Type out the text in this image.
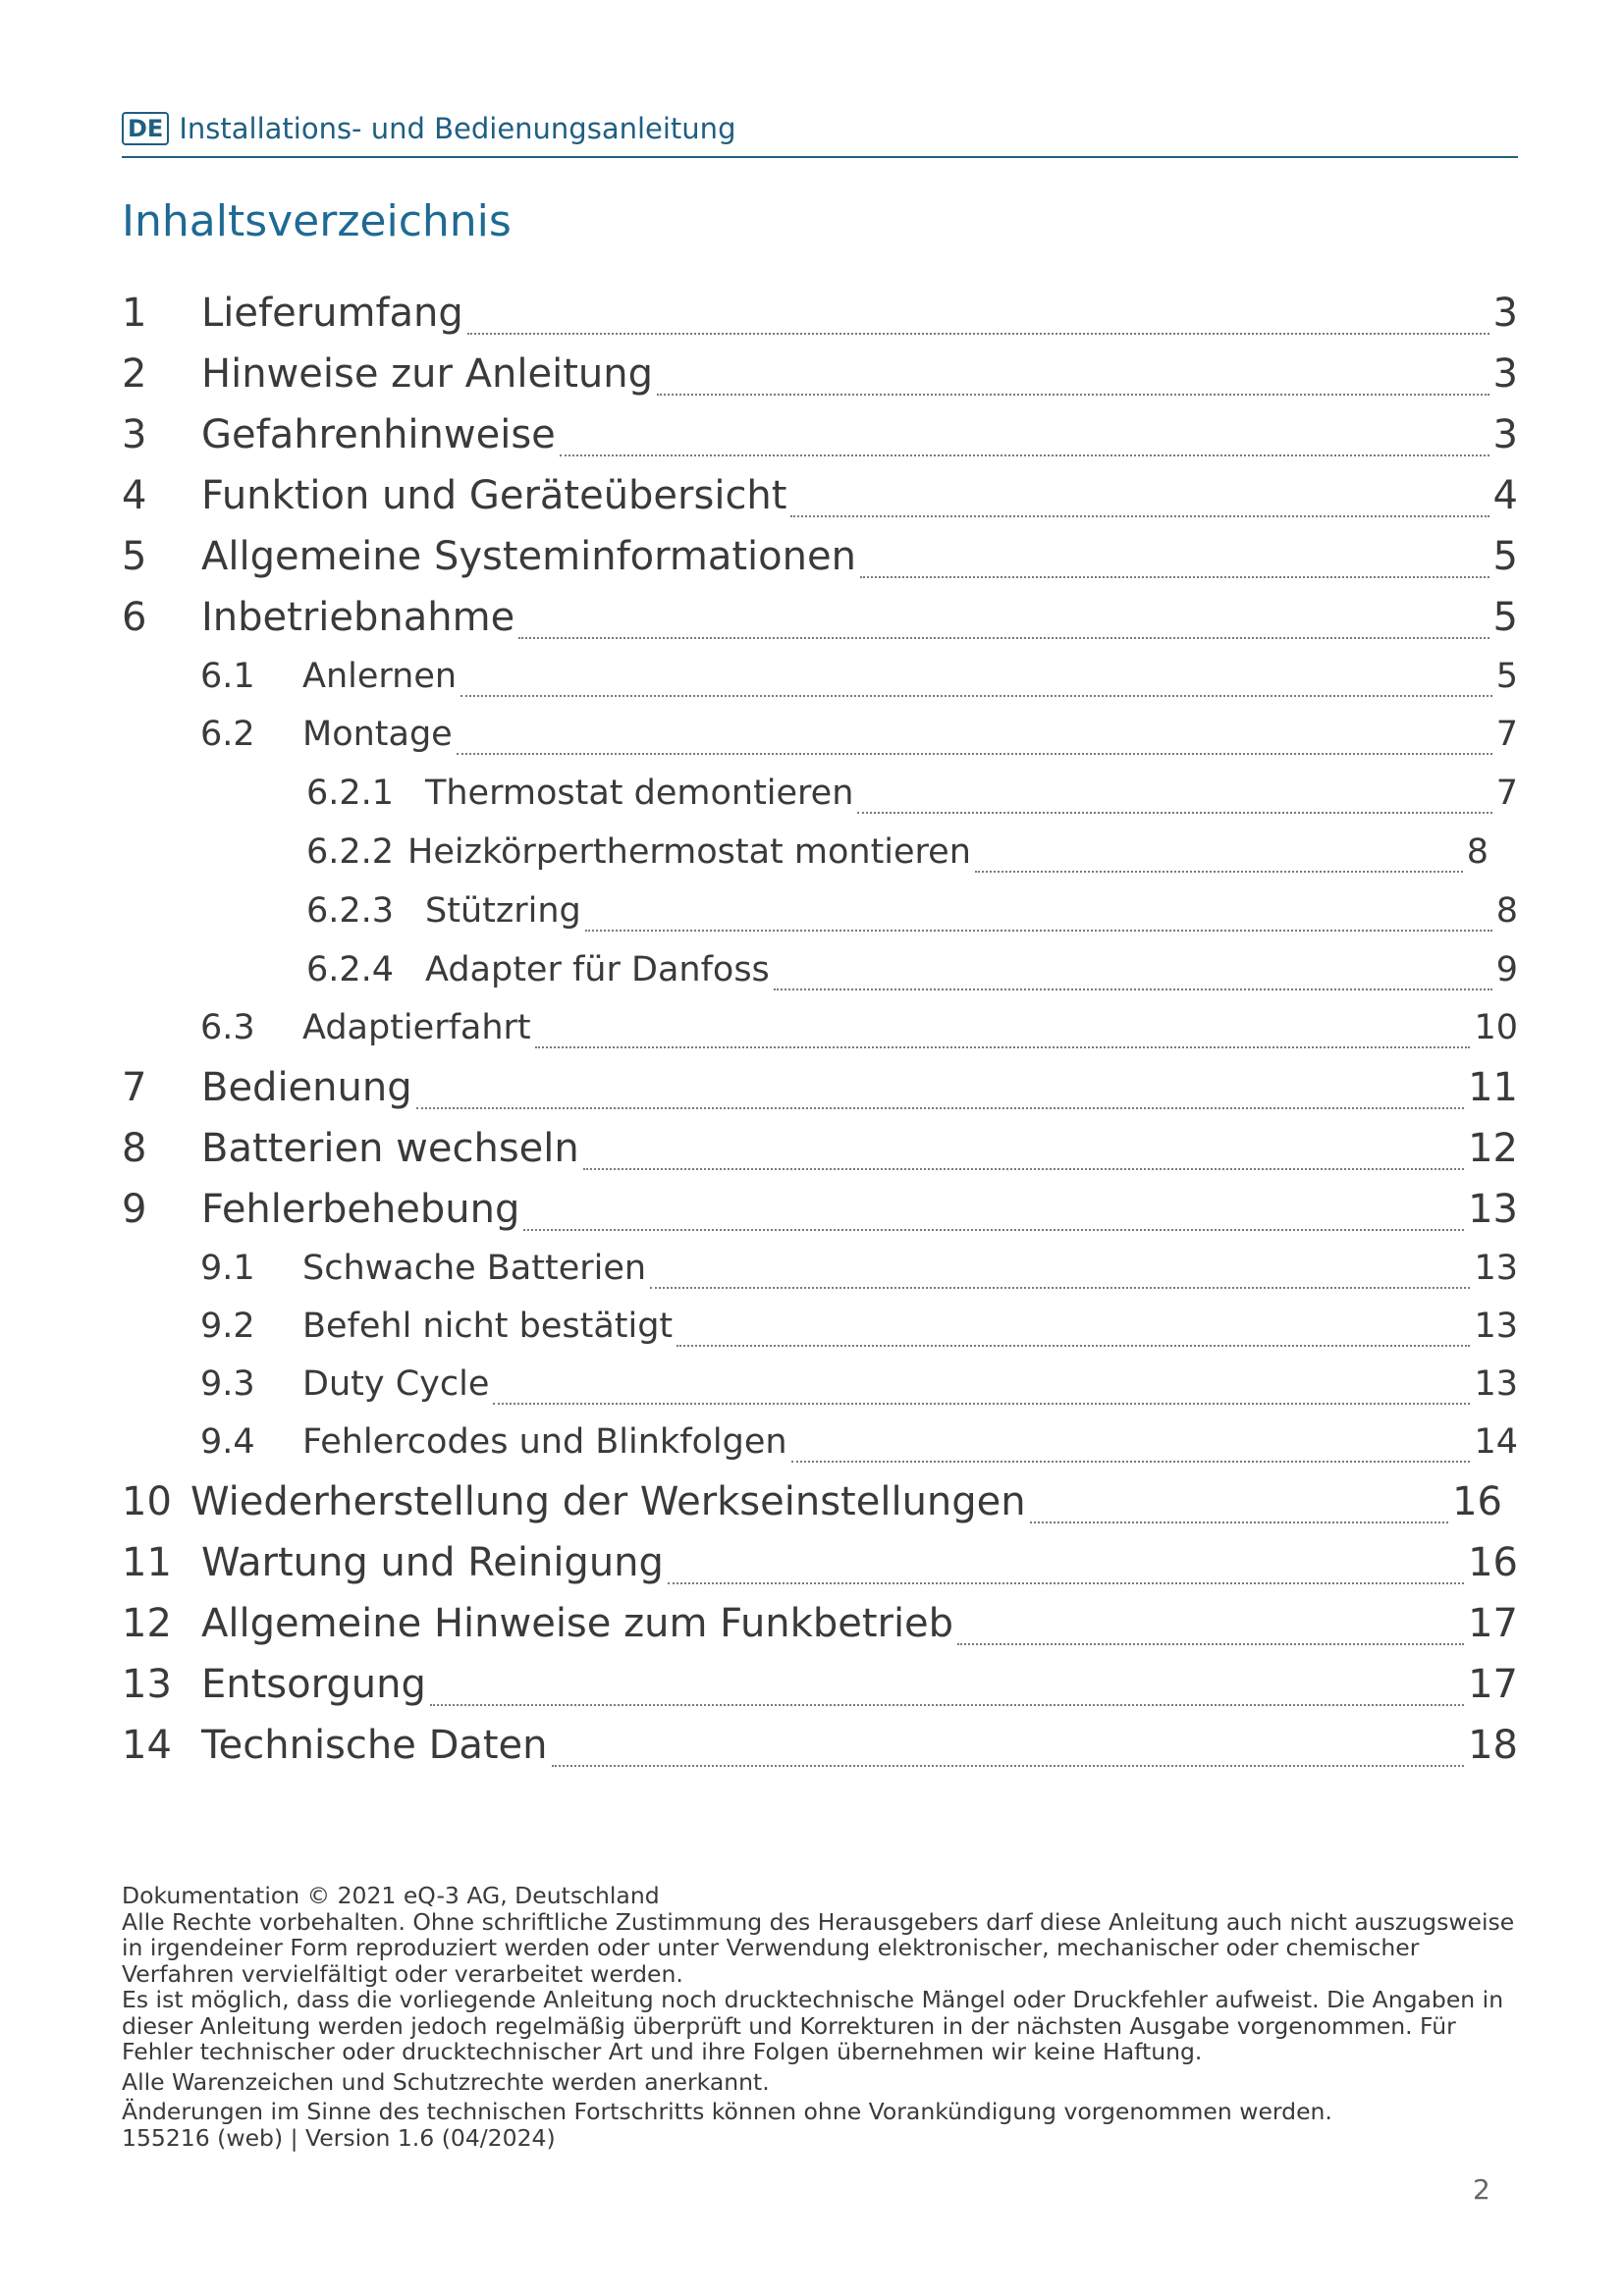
DE Installations- und Bedienungsanleitung
Inhaltsverzeichnis
1	Lieferumfang	3
2	Hinweise zur Anleitung	3
3	Gefahrenhinweise	3
4	Funktion und Geräteübersicht	4
5	Allgemeine Systeminformationen	5
6	Inbetriebnahme	5
6.1	Anlernen	5
6.2	Montage	7
6.2.1 Thermostat demontieren	7
6.2.2 Heizkörperthermostat montieren	8
6.2.3 Stützring	8
6.2.4 Adapter für Danfoss	9
6.3	Adaptierfahrt	10
7	Bedienung	11
8	Batterien wechseln	12
9	Fehlerbehebung	13
9.1	Schwache Batterien	13
9.2	Befehl nicht bestätigt	13
9.3	Duty Cycle	13
9.4	Fehlercodes und Blinkfolgen	14
10 Wiederherstellung der Werkseinstellungen	16
11 Wartung und Reinigung	16
12 Allgemeine Hinweise zum Funkbetrieb	17
13 Entsorgung	17
14 Technische Daten	18

Dokumentation © 2021 eQ-3 AG, Deutschland

Alle Rechte vorbehalten. Ohne schriftliche Zustimmung des Herausgebers darf diese Anleitung auch nicht auszugsweise in irgendeiner Form reproduziert werden oder unter Verwendung elektronischer, mechanischer oder chemischer Verfahren vervielfältigt oder verarbeitet werden.

Es ist möglich, dass die vorliegende Anleitung noch drucktechnische Mängel oder Druckfehler aufweist. Die Angaben in dieser Anleitung werden jedoch regelmäßig überprüft und Korrekturen in der nächsten Ausgabe vorgenommen. Für Fehler technischer oder drucktechnischer Art und ihre Folgen übernehmen wir keine Haftung.

Alle Warenzeichen und Schutzrechte werden anerkannt.

Änderungen im Sinne des technischen Fortschritts können ohne Vorankündigung vorgenommen werden.

155216 (web) | Version 1.6 (04/2024)

2
